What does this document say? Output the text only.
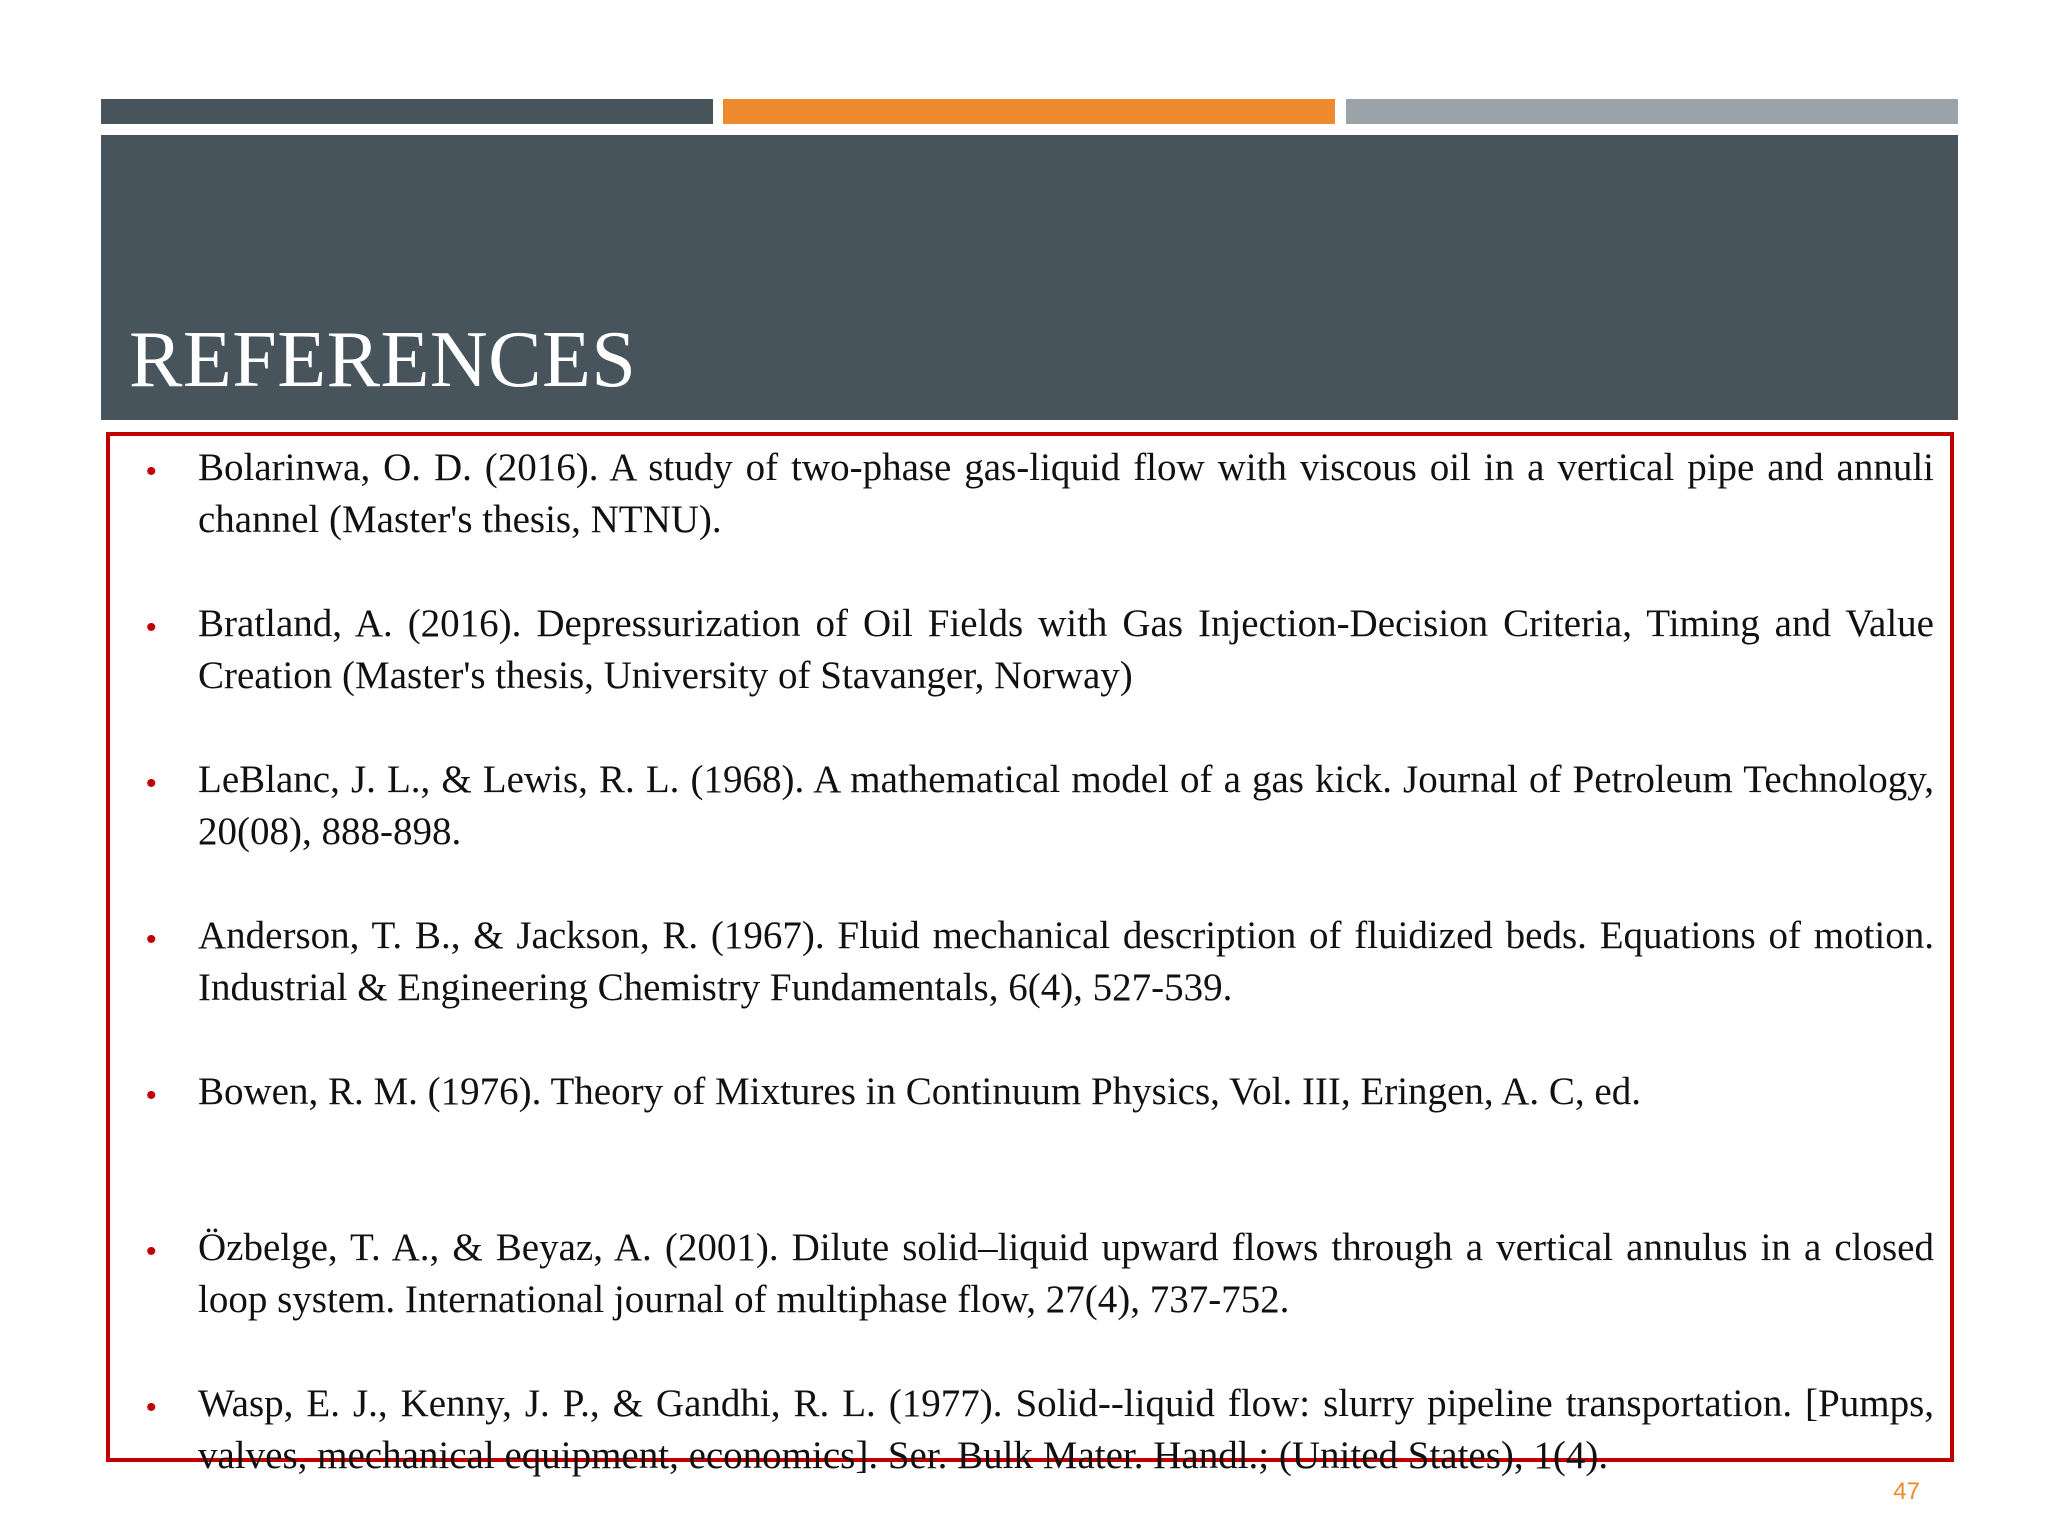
REFERENCES
• Bolarinwa, O. D. (2016). A study of two-phase gas-liquid flow with viscous oil in a vertical pipe and annuli channel (Master's thesis, NTNU).
• Bratland, A. (2016). Depressurization of Oil Fields with Gas Injection-Decision Criteria, Timing and Value Creation (Master's thesis, University of Stavanger, Norway)
• LeBlanc, J. L., & Lewis, R. L. (1968). A mathematical model of a gas kick. Journal of Petroleum Technology, 20(08), 888-898.
• Anderson, T. B., & Jackson, R. (1967). Fluid mechanical description of fluidized beds. Equations of motion. Industrial & Engineering Chemistry Fundamentals, 6(4), 527-539.
• Bowen, R. M. (1976). Theory of Mixtures in Continuum Physics, Vol. III, Eringen, A. C, ed.
• Özbelge, T. A., & Beyaz, A. (2001). Dilute solid–liquid upward flows through a vertical annulus in a closed loop system. International journal of multiphase flow, 27(4), 737-752.
• Wasp, E. J., Kenny, J. P., & Gandhi, R. L. (1977). Solid--liquid flow: slurry pipeline transportation. [Pumps, valves, mechanical equipment, economics]. Ser. Bulk Mater. Handl.; (United States), 1(4).
47
